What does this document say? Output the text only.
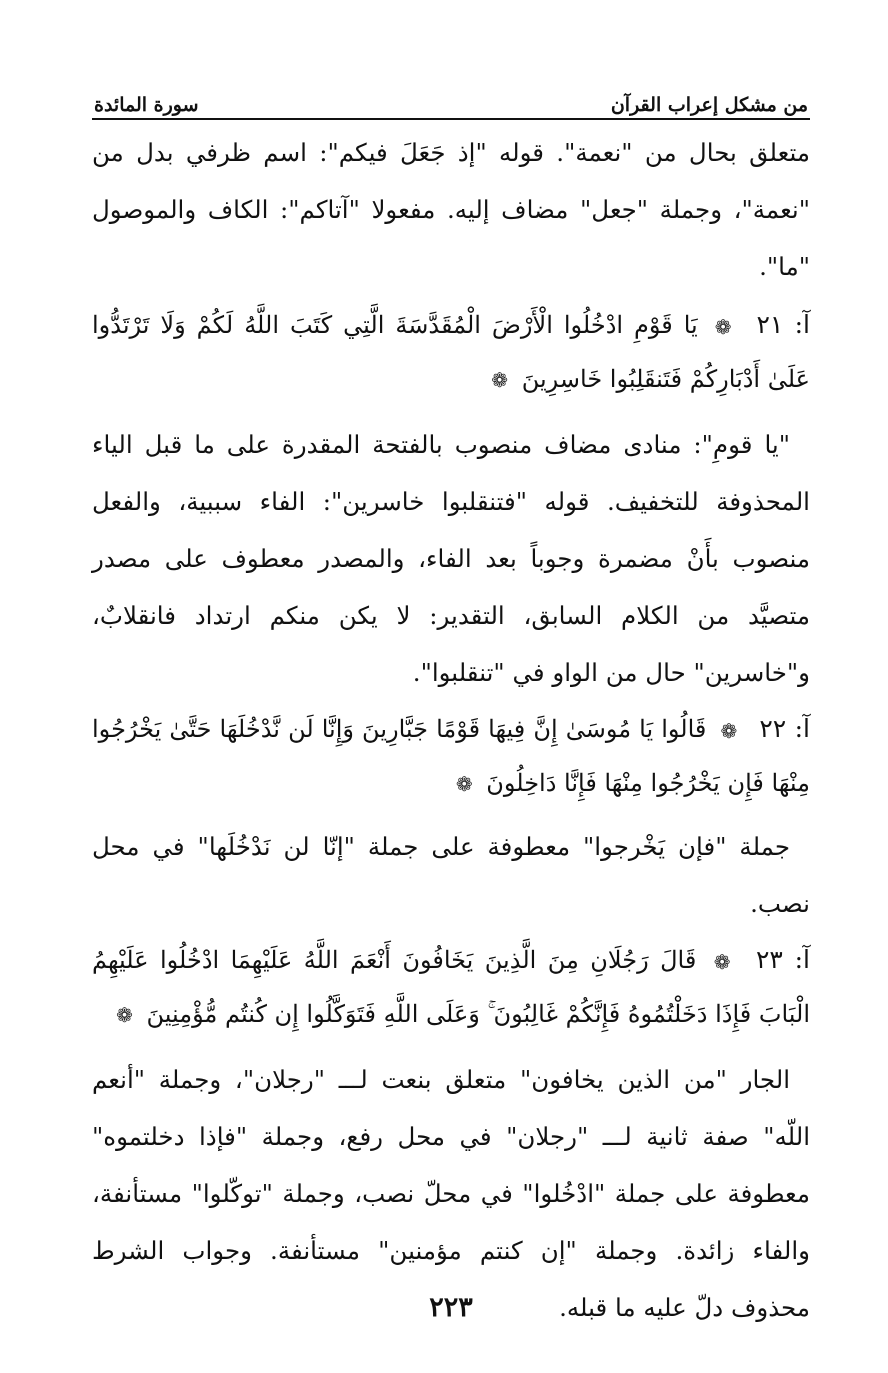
من مشكل إعراب القرآن
سورة المائدة

متعلق بحال من "نعمة". قوله "إذ جَعَلَ فيكم": اسم ظرفي بدل من "نعمة"، وجملة "جعل" مضاف إليه. مفعولا "آتاكم": الكاف والموصول "ما".

آ: ٢١ ❁ يَا قَوْمِ ادْخُلُوا الْأَرْضَ الْمُقَدَّسَةَ الَّتِي كَتَبَ اللَّهُ لَكُمْ وَلَا تَرْتَدُّوا عَلَىٰ أَدْبَارِكُمْ فَتَنقَلِبُوا خَاسِرِينَ ❁

"يا قومِ": منادى مضاف منصوب بالفتحة المقدرة على ما قبل الياء المحذوفة للتخفيف. قوله "فتنقلبوا خاسرين": الفاء سببية، والفعل منصوب بأَنْ مضمرة وجوباً بعد الفاء، والمصدر معطوف على مصدر متصيَّد من الكلام السابق، التقدير: لا يكن منكم ارتداد فانقلابٌ، و"خاسرين" حال من الواو في "تنقلبوا".

آ: ٢٢ ❁ قَالُوا يَا مُوسَىٰ إِنَّ فِيهَا قَوْمًا جَبَّارِينَ وَإِنَّا لَن نَّدْخُلَهَا حَتَّىٰ يَخْرُجُوا مِنْهَا فَإِن يَخْرُجُوا مِنْهَا فَإِنَّا دَاخِلُونَ ❁

جملة "فإن يَخْرجوا" معطوفة على جملة "إنّا لن نَدْخُلَها" في محل نصب.

آ: ٢٣ ❁ قَالَ رَجُلَانِ مِنَ الَّذِينَ يَخَافُونَ أَنْعَمَ اللَّهُ عَلَيْهِمَا ادْخُلُوا عَلَيْهِمُ الْبَابَ فَإِذَا دَخَلْتُمُوهُ فَإِنَّكُمْ غَالِبُونَ ۚ وَعَلَى اللَّهِ فَتَوَكَّلُوا إِن كُنتُم مُّؤْمِنِينَ ❁

الجار "من الذين يخافون" متعلق بنعت لـــ "رجلان"، وجملة "أنعم اللّه" صفة ثانية لـــ "رجلان" في محل رفع، وجملة "فإذا دخلتموه" معطوفة على جملة "ادْخُلوا" في محلّ نصب، وجملة "توكّلوا" مستأنفة، والفاء زائدة. وجملة "إن كنتم مؤمنين" مستأنفة. وجواب الشرط محذوف دلّ عليه ما قبله.

٢٢٣
